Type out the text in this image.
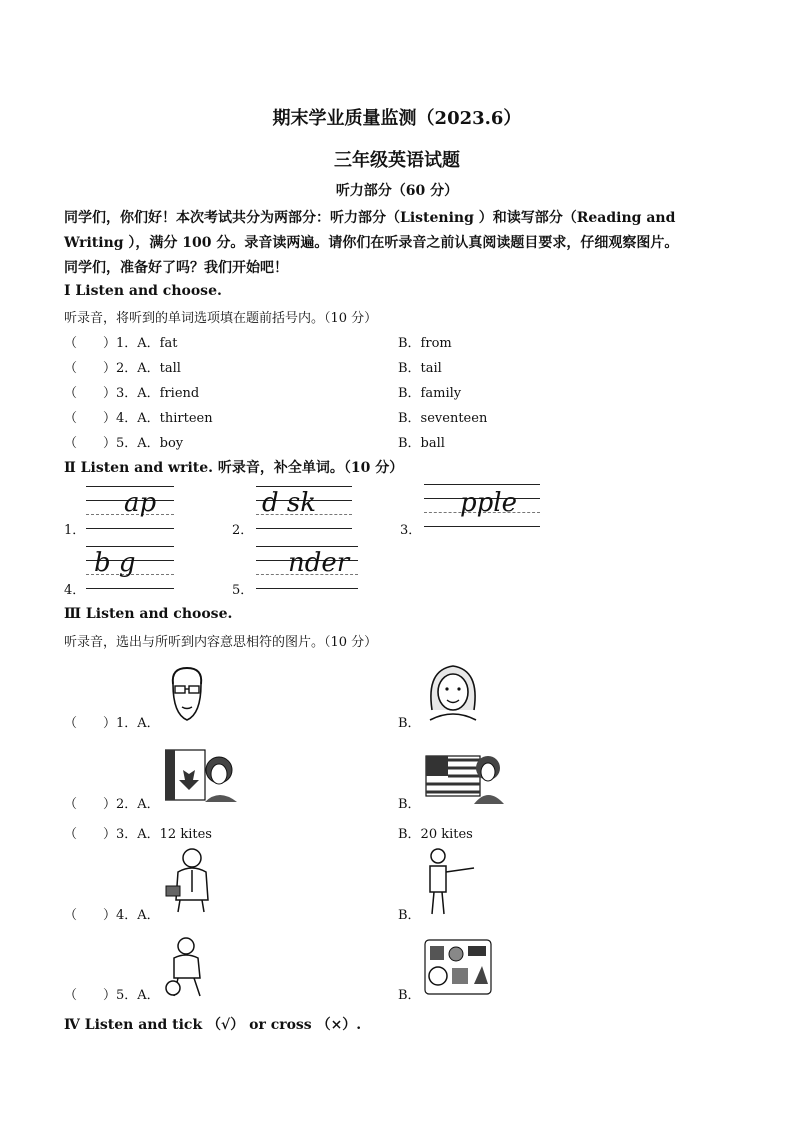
期末学业质量监测（2023.6）
三年级英语试题
听力部分（60 分）
同学们，你们好！本次考试共分为两部分：听力部分（Listening ）和读写部分（Reading and
Writing ），满分 100 分。录音读两遍。请你们在听录音之前认真阅读题目要求，仔细观察图片。
同学们，准备好了吗？我们开始吧！
Ⅰ Listen and choose.
听录音，将听到的单词选项填在题前括号内。（10 分）
（　　）1．A．fat	B．from
（　　）2．A．tall	B．tail
（　　）3．A．friend	B．family
（　　）4．A．thirteen	B．seventeen
（　　）5．A．boy	B．ball
Ⅱ Listen and write. 听录音，补全单词。（10 分）
1．
ap
2．
d sk
3．
pple
4．
b g
5．
nder
Ⅲ Listen and choose.
听录音，选出与所听到内容意思相符的图片。（10 分）
（　　）1．A．	B．
（　　）2．A．	B．
（　　）3．A．12 kites	B．20 kites
（　　）4．A．	B．
（　　）5．A．	B．
Ⅳ Listen and tick （√） or cross （×）.
